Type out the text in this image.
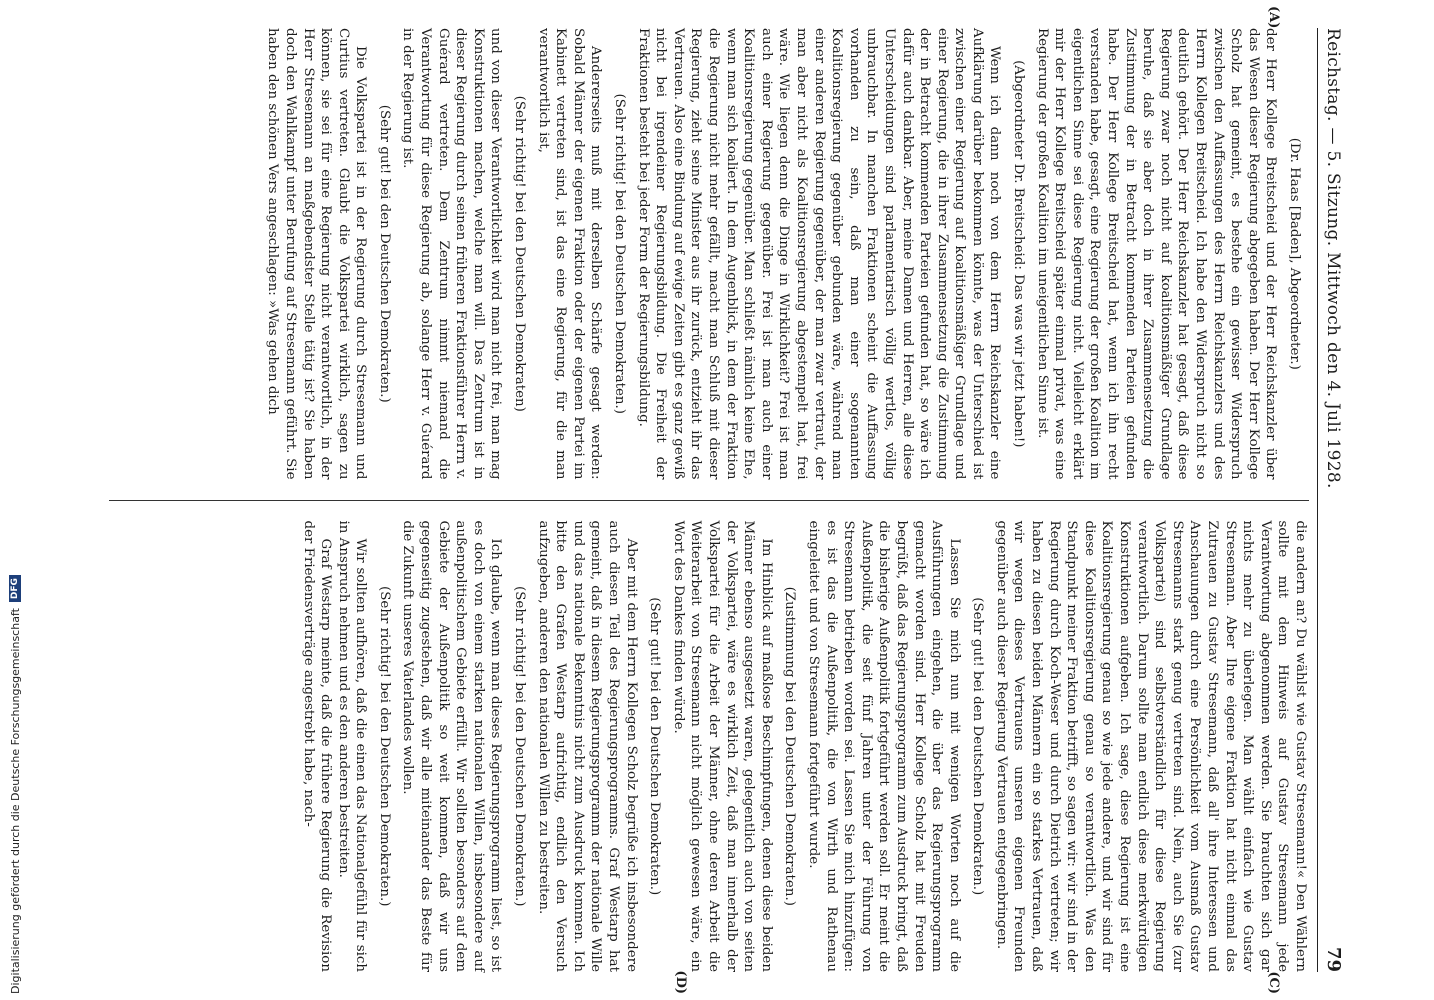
Reichstag. — 5. Sitzung. Mittwoch den 4. Juli 1928.
79
(A)
(Dr. Haas [Baden], Abgeordneter.)

der Herr Kollege Breitscheid und der Herr Reichskanzler über das Wesen dieser Regierung abgegeben haben. Der Herr Kollege Scholz hat gemeint, es bestehe ein gewisser Widerspruch zwischen den Auffassungen des Herrn Reichskanzlers und des Herrn Kollegen Breitscheid. Ich habe den Widerspruch nicht so deutlich gehört. Der Herr Reichskanzler hat gesagt, daß diese Regierung zwar noch nicht auf koalitionsmäßiger Grundlage beruhe, daß sie aber doch in ihrer Zusammensetzung die Zustimmung der in Betracht kommenden Parteien gefunden habe. Der Herr Kollege Breitscheid hat, wenn ich ihn recht verstanden habe, gesagt, eine Regierung der großen Koalition im eigentlichen Sinne sei diese Regierung nicht. Vielleicht erklärt mir der Herr Kollege Breitscheid später einmal privat, was eine Regierung der großen Koalition im uneigentlichen Sinne ist.

(Abgeordneter Dr. Breitscheid: Das was wir jetzt haben!)

Wenn ich dann noch von dem Herrn Reichskanzler eine Aufklärung darüber bekommen könnte, was der Unterschied ist zwischen einer Regierung auf koalitionsmäßiger Grundlage und einer Regierung, die in ihrer Zusammensetzung die Zustimmung der in Betracht kommenden Parteien gefunden hat, so wäre ich dafür auch dankbar. Aber, meine Damen und Herren, alle diese Unterscheidungen sind parlamentarisch völlig wertlos, völlig unbrauchbar. In manchen Fraktionen scheint die Auffassung vorhanden zu sein, daß man einer sogenannten Koalitionsregierung gegenüber gebunden wäre, während man einer anderen Regierung gegenüber, der man zwar vertraut, der man aber nicht als Koalitionsregierung abgestempelt hat, frei wäre. Wie liegen denn die Dinge in Wirklichkeit? Frei ist man auch einer Regierung gegenüber. Frei ist man auch einer Koalitionsregierung gegenüber. Man schließt nämlich keine Ehe, wenn man sich koaliert. In dem Augenblick, in dem der Fraktion die Regierung nicht mehr gefällt, macht man Schluß mit dieser Regierung, zieht seine Minister aus ihr zurück, entzieht ihr das Vertrauen. Also eine Bindung auf ewige Zeiten gibt es ganz gewiß nicht bei irgendeiner Regierungsbildung. Die Freiheit der Fraktionen besteht bei jeder Form der Regierungsbildung.

(Sehr richtig! bei den Deutschen Demokraten.)

Andererseits muß mit derselben Schärfe gesagt werden: Sobald Männer der eigenen Fraktion oder der eigenen Partei im Kabinett vertreten sind, ist das eine Regierung, für die man verantwortlich ist,

(Sehr richtig! bei den Deutschen Demokraten)

und von dieser Verantwortlichkeit wird man nicht frei, man mag Konstruktionen machen, welche man will. Das Zentrum ist in dieser Regierung durch seinen früheren Fraktionsführer Herrn v. Guérard vertreten. Dem Zentrum nimmt niemand die Verantwortung für diese Regierung ab, solange Herr v. Guérard in der Regierung ist.

(Sehr gut! bei den Deutschen Demokraten.)

Die Volkspartei ist in der Regierung durch Stresemann und Curtius vertreten. Glaubt die Volkspartei wirklich, sagen zu können, sie sei für eine Regierung nicht verantwortlich, in der Herr Stresemann an maßgebendster Stelle tätig ist? Sie haben doch den Wahlkampf unter Berufung auf Stresemann geführt. Sie haben den schönen Vers angeschlagen: »Was gehen dich

(C)
(D)

die andern an? Du wählst wie Gustav Stresemann!« Den Wählern sollte mit dem Hinweis auf Gustav Stresemann jede Verantwortung abgenommen werden. Sie brauchten sich gar nichts mehr zu überlegen. Man wählt einfach wie Gustav Stresemann. Aber Ihre eigene Fraktion hat nicht einmal das Zutrauen zu Gustav Stresemann, daß all' ihre Interessen und Anschauungen durch eine Persönlichkeit vom Ausmaß Gustav Stresemanns stark genug vertreten sind. Nein, auch Sie (zur Volkspartei) sind selbstverständlich für diese Regierung verantwortlich. Darum sollte man endlich diese merkwürdigen Konstruktionen aufgeben. Ich sage, diese Regierung ist eine Koalitionsregierung genau so wie jede andere, und wir sind für diese Koalitionsregierung genau so verantwortlich. Was den Standpunkt meiner Fraktion betrifft, so sagen wir: wir sind in der Regierung durch Koch-Weser und durch Dietrich vertreten; wir haben zu diesen beiden Männern ein so starkes Vertrauen, daß wir wegen dieses Vertrauens unseren eigenen Freunden gegenüber auch dieser Regierung Vertrauen entgegenbringen.

(Sehr gut! bei den Deutschen Demokraten.)

Lassen Sie mich nun mit wenigen Worten noch auf die Ausführungen eingehen, die über das Regierungsprogramm gemacht worden sind. Herr Kollege Scholz hat mit Freuden begrüßt, daß das Regierungsprogramm zum Ausdruck bringt, daß die bisherige Außenpolitik fortgeführt werden soll. Er meint die Außenpolitik, die seit fünf Jahren unter der Führung von Stresemann betrieben worden sei. Lassen Sie mich hinzufügen: es ist das die Außenpolitik, die von Wirth und Rathenau eingeleitet und von Stresemann fortgeführt wurde.

(Zustimmung bei den Deutschen Demokraten.)

Im Hinblick auf maßlose Beschimpfungen, denen diese beiden Männer ebenso ausgesetzt waren, gelegentlich auch von seiten der Volkspartei, wäre es wirklich Zeit, daß man innerhalb der Volkspartei für die Arbeit der Männer, ohne deren Arbeit die Weiterarbeit von Stresemann nicht möglich gewesen wäre, ein Wort des Dankes finden würde.

(Sehr gut! bei den Deutschen Demokraten.)

Aber mit dem Herrn Kollegen Scholz begrüße ich insbesondere auch diesen Teil des Regierungsprogramms. Graf Westarp hat gemeint, daß in diesem Regierungsprogramm der nationale Wille und das nationale Bekenntnis nicht zum Ausdruck kommen. Ich bitte den Grafen Westarp aufrichtig, endlich den Versuch aufzugeben, anderen den nationalen Willen zu bestreiten.

(Sehr richtig! bei den Deutschen Demokraten.)

Ich glaube, wenn man dieses Regierungsprogramm liest, so ist es doch von einem starken nationalen Willen, insbesondere auf außenpolitischem Gebiete erfüllt. Wir sollten besonders auf dem Gebiete der Außenpolitik so weit kommen, daß wir uns gegenseitig zugestehen, daß wir alle miteinander das Beste für die Zukunft unseres Vaterlandes wollen.

(Sehr richtig! bei den Deutschen Demokraten.)

Wir sollten aufhören, daß die einen das Nationalgefühl für sich in Anspruch nehmen und es den anderen bestreiten.

Graf Westarp meinte, daß die frühere Regierung die Revision der Friedensverträge angestrebt habe, nach-

Digitalisierung gefördert durch die Deutsche Forschungsgemeinschaft
DFG
